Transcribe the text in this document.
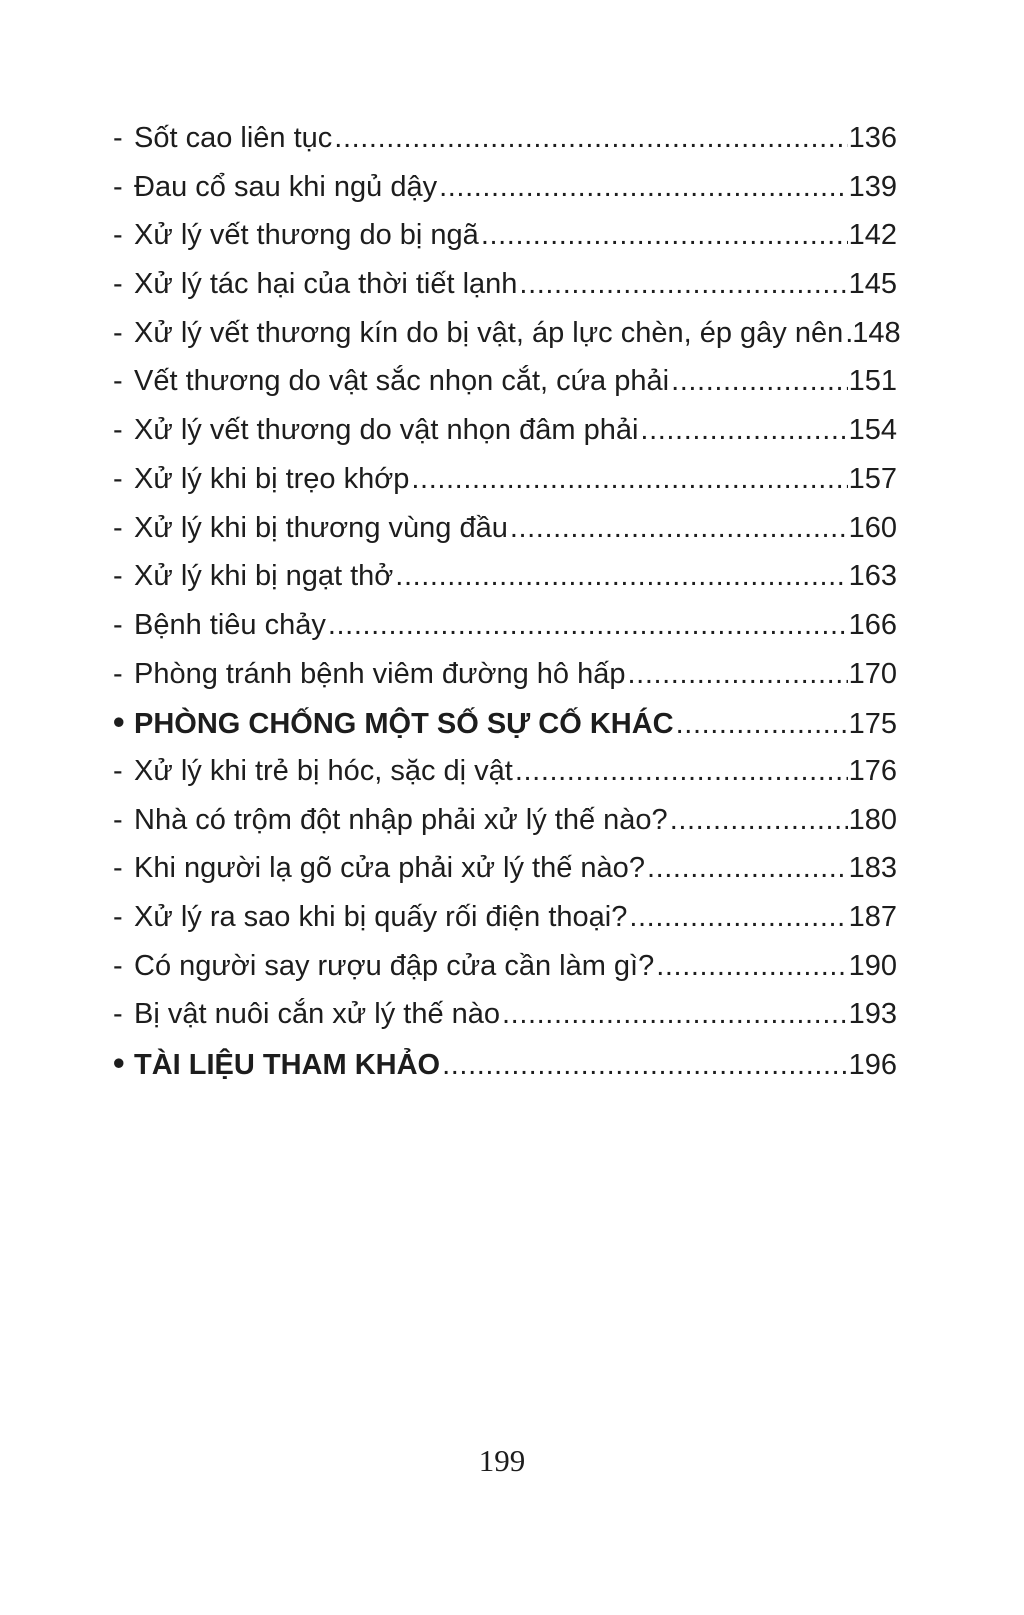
- Sốt cao liên tục .....	136
- Đau cổ sau khi ngủ dậy .....	139
- Xử lý vết thương do bị ngã .....	142
- Xử lý tác hại của thời tiết lạnh .....	145
- Xử lý vết thương kín do bị vật, áp lực chèn, ép gây nên ..... 148
- Vết thương do vật sắc nhọn cắt, cứa phải .....	151
- Xử lý vết thương do vật nhọn đâm phải .....	154
- Xử lý khi bị trẹo khớp .....	157
- Xử lý khi bị thương vùng đầu .....	160
- Xử lý khi bị ngạt thở .....	163
- Bệnh tiêu chảy .....	166
- Phòng tránh bệnh viêm đường hô hấp .....	170
• PHÒNG CHỐNG MỘT SỐ SỰ CỐ KHÁC .....	175
- Xử lý khi trẻ bị hóc, sặc dị vật .....	176
- Nhà có trộm đột nhập phải xử lý thế nào? .....	180
- Khi người lạ gõ cửa phải xử lý thế nào? .....	183
- Xử lý ra sao khi bị quấy rối điện thoại? .....	187
- Có người say rượu đập cửa cần làm gì? .....	190
- Bị vật nuôi cắn xử lý thế nào .....	193
• TÀI LIỆU THAM KHẢO .....	196
199
